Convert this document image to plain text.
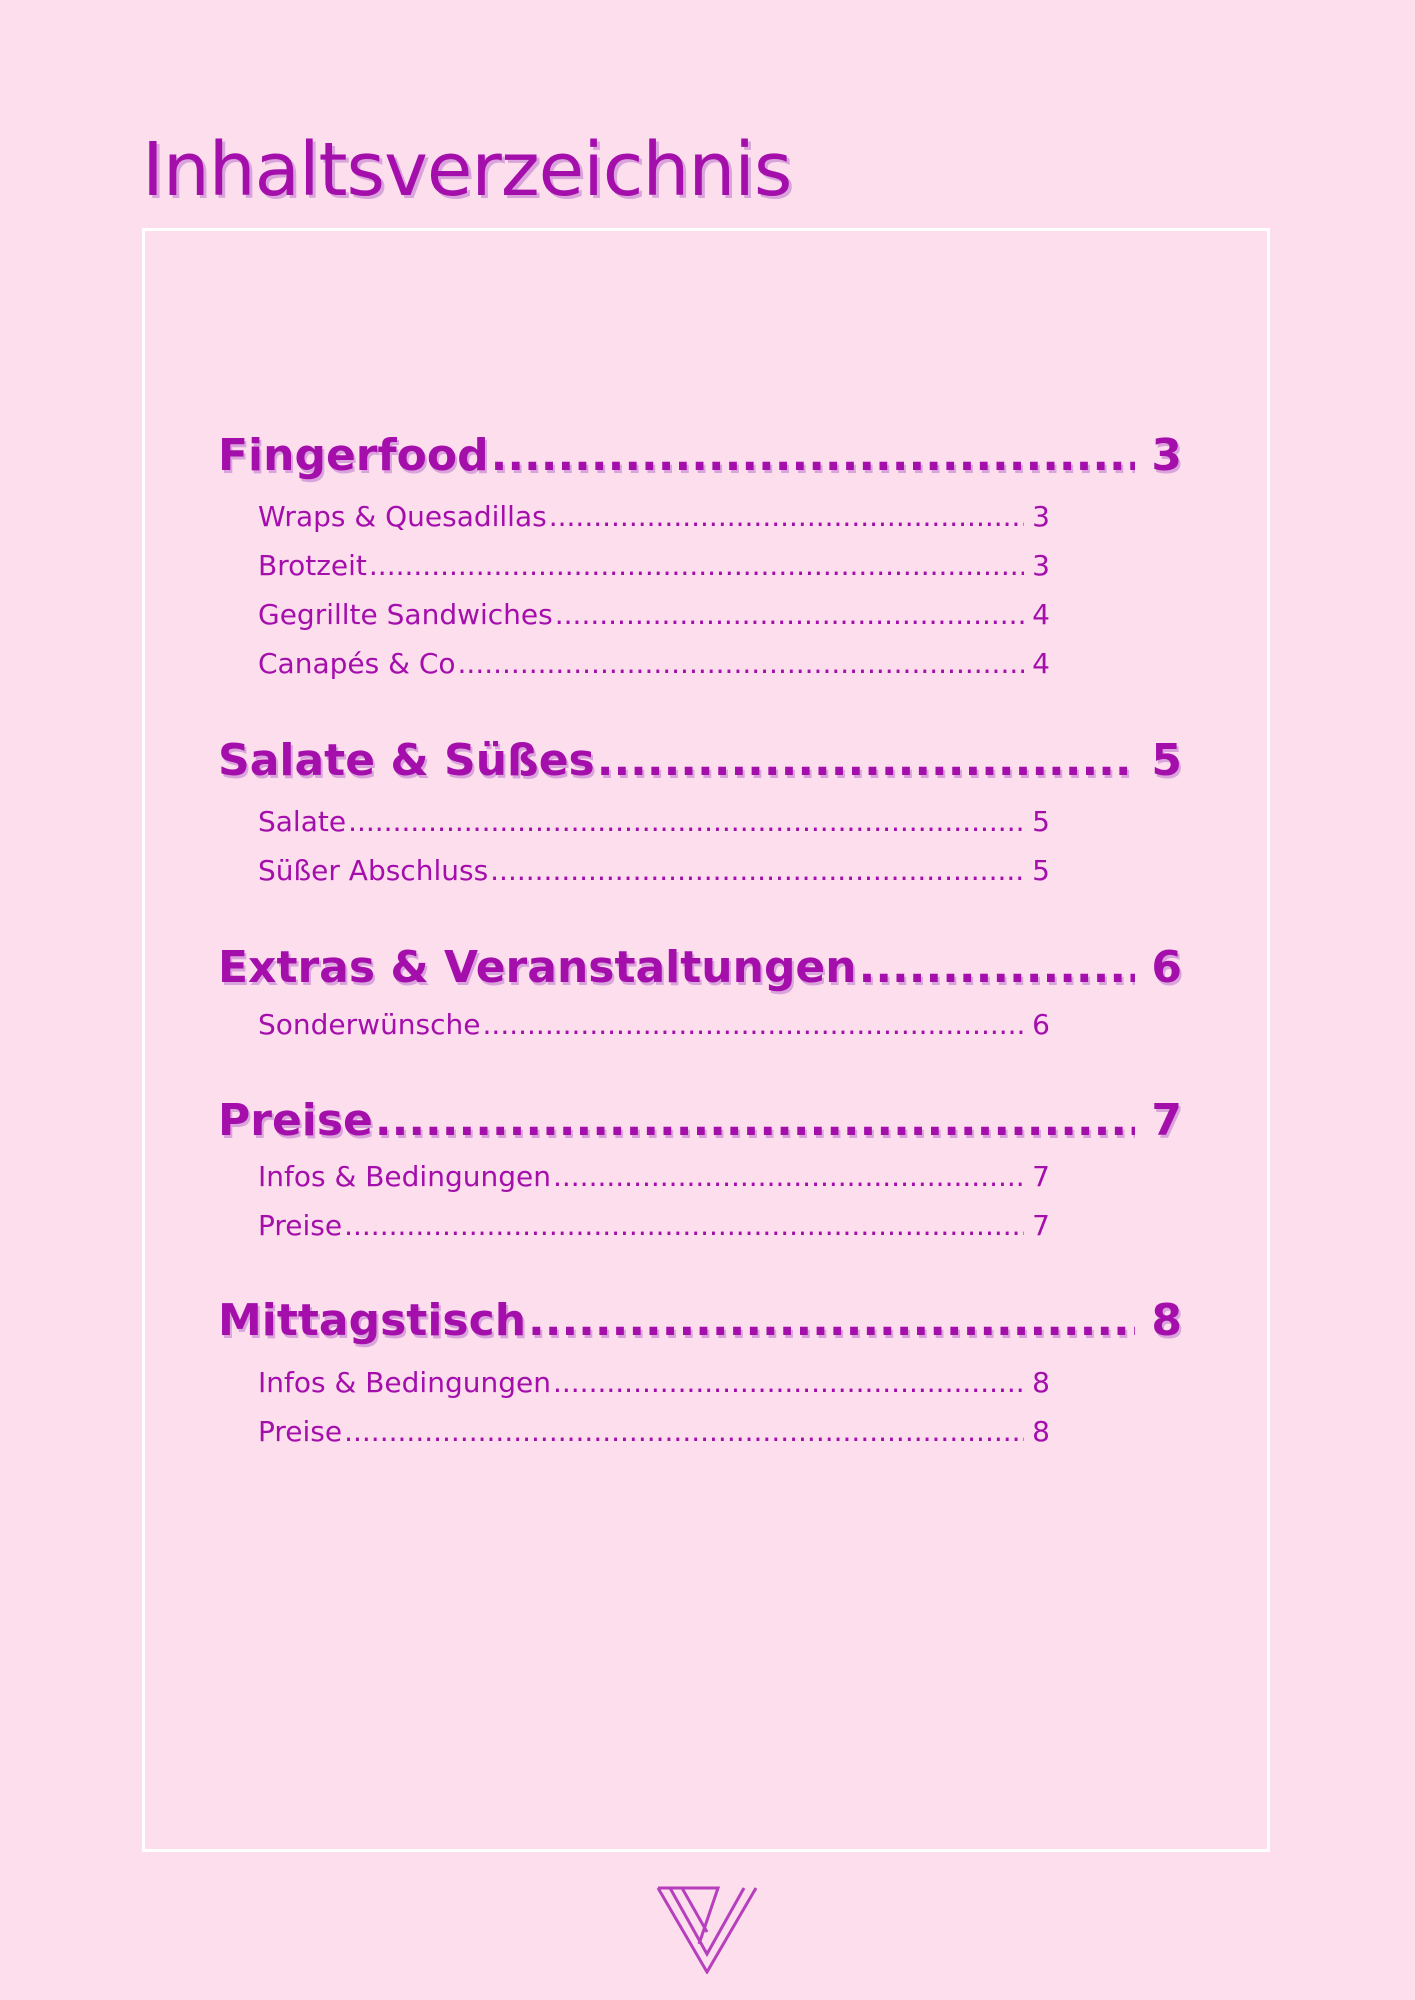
Inhaltsverzeichnis
Fingerfood .....	3
Wraps & Quesadillas .....	3
Brotzeit .....	3
Gegrillte Sandwiches .....	4
Canapés & Co .....	4
Salate & Süßes .....	5
Salate .....	5
Süßer Abschluss .....	5
Extras & Veranstaltungen .....	6
Sonderwünsche .....	6
Preise .....	7
Infos & Bedingungen .....	7
Preise .....	7
Mittagstisch .....	8
Infos & Bedingungen .....	8
Preise .....	8
